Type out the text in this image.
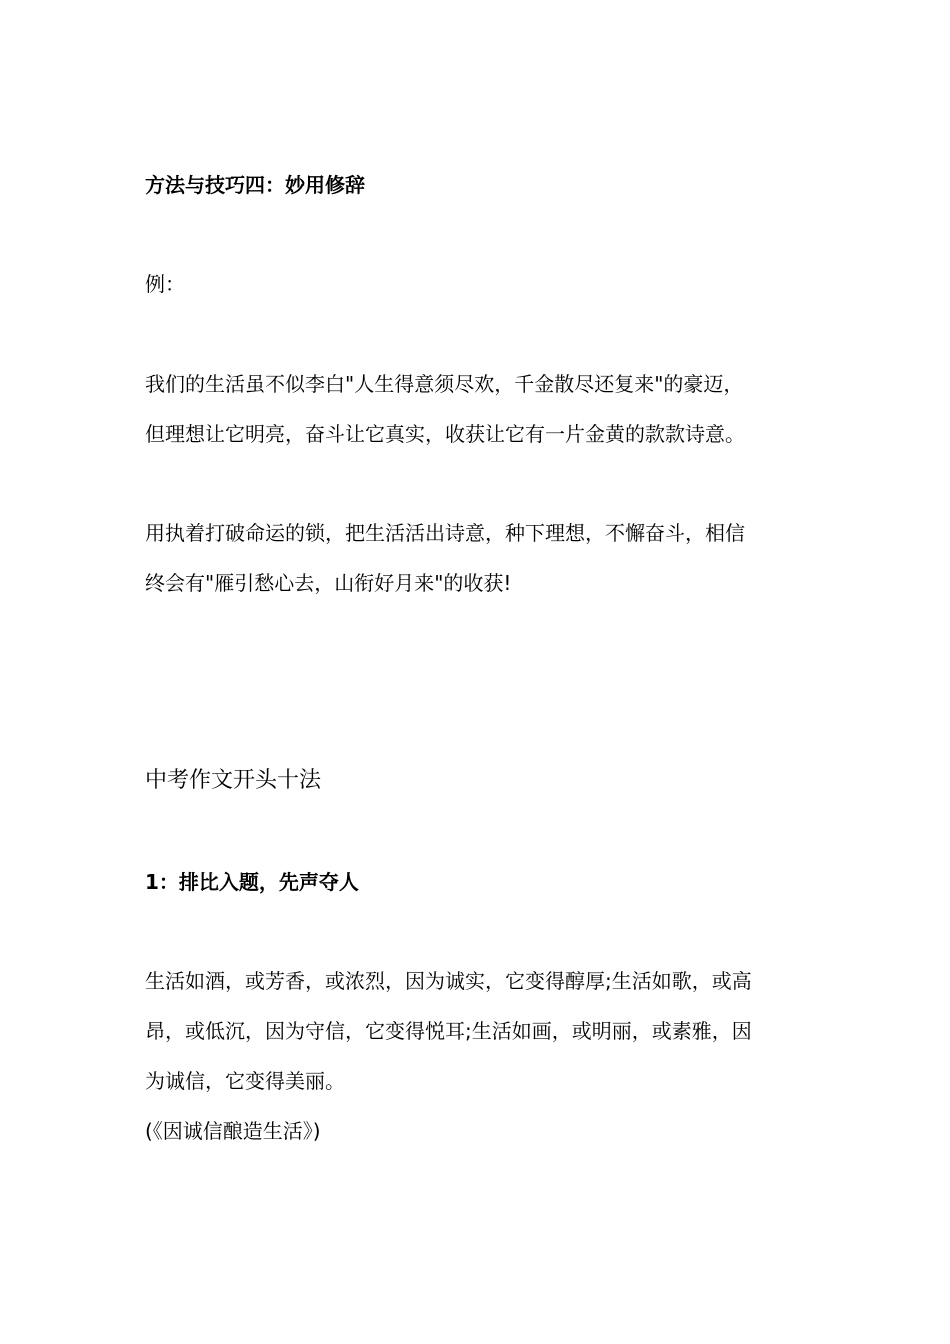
方法与技巧四：妙用修辞

例：

我们的生活虽不似李白"人生得意须尽欢，千金散尽还复来"的豪迈，

但理想让它明亮，奋斗让它真实，收获让它有一片金黄的款款诗意。

用执着打破命运的锁，把生活活出诗意，种下理想，不懈奋斗，相信

终会有"雁引愁心去，山衔好月来"的收获!

中考作文开头十法

1：排比入题，先声夺人

生活如酒，或芳香，或浓烈，因为诚实，它变得醇厚;生活如歌，或高

昂，或低沉，因为守信，它变得悦耳;生活如画，或明丽，或素雅，因

为诚信，它变得美丽。

(《因诚信酿造生活》)
